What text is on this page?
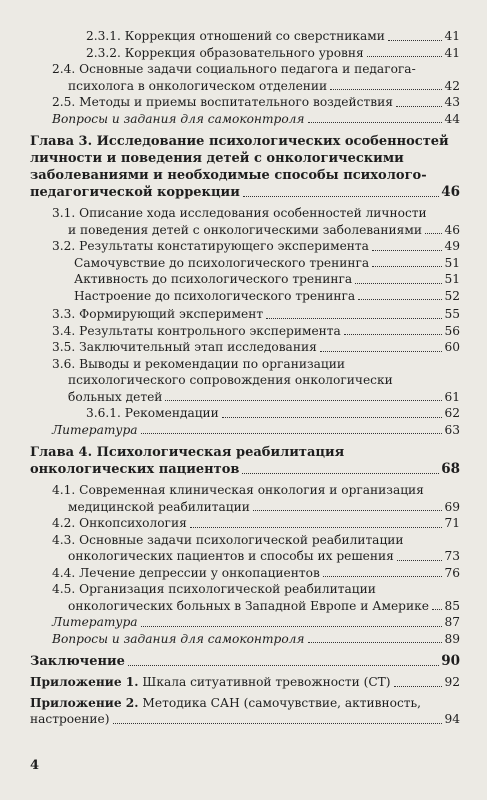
2.3.1. Коррекция отношений со сверстниками	41
2.3.2. Коррекция образовательного уровня	41
2.4. Основные задачи социального педагога и педагога-
психолога в онкологическом отделении	42
2.5. Методы и приемы воспитательного воздействия	43
Вопросы и задания для самоконтроля	44
Глава 3. Исследование психологических особенностей
личности и поведения детей с онкологическими
заболеваниями и необходимые способы психолого-
педагогической коррекции	46
3.1. Описание хода исследования особенностей личности
и поведения детей с онкологическими заболеваниями 46
3.2. Результаты констатирующего эксперимента	49
Самочувствие до психологического тренинга	51
Активность до психологического тренинга	51
Настроение до психологического тренинга	52
3.3. Формирующий эксперимент	55
3.4. Результаты контрольного эксперимента	56
3.5. Заключительный этап исследования	60
3.6. Выводы и рекомендации по организации
психологического сопровождения онкологически
больных детей	61
3.6.1. Рекомендации	62
Литература	63
Глава 4. Психологическая реабилитация
онкологических пациентов	68
4.1. Современная клиническая онкология и организация
медицинской реабилитации	69
4.2. Онкопсихология	71
4.3. Основные задачи психологической реабилитации
онкологических пациентов и способы их решения	73
4.4. Лечение депрессии у онкопациентов	76
4.5. Организация психологической реабилитации
онкологических больных в Западной Европе и Америке 85
Литература	87
Вопросы и задания для самоконтроля	89
Заключение	90
Приложение 1. Шкала ситуативной тревожности (СТ)	92
Приложение 2. Методика САН (самочувствие, активность,
настроение)	94
4
